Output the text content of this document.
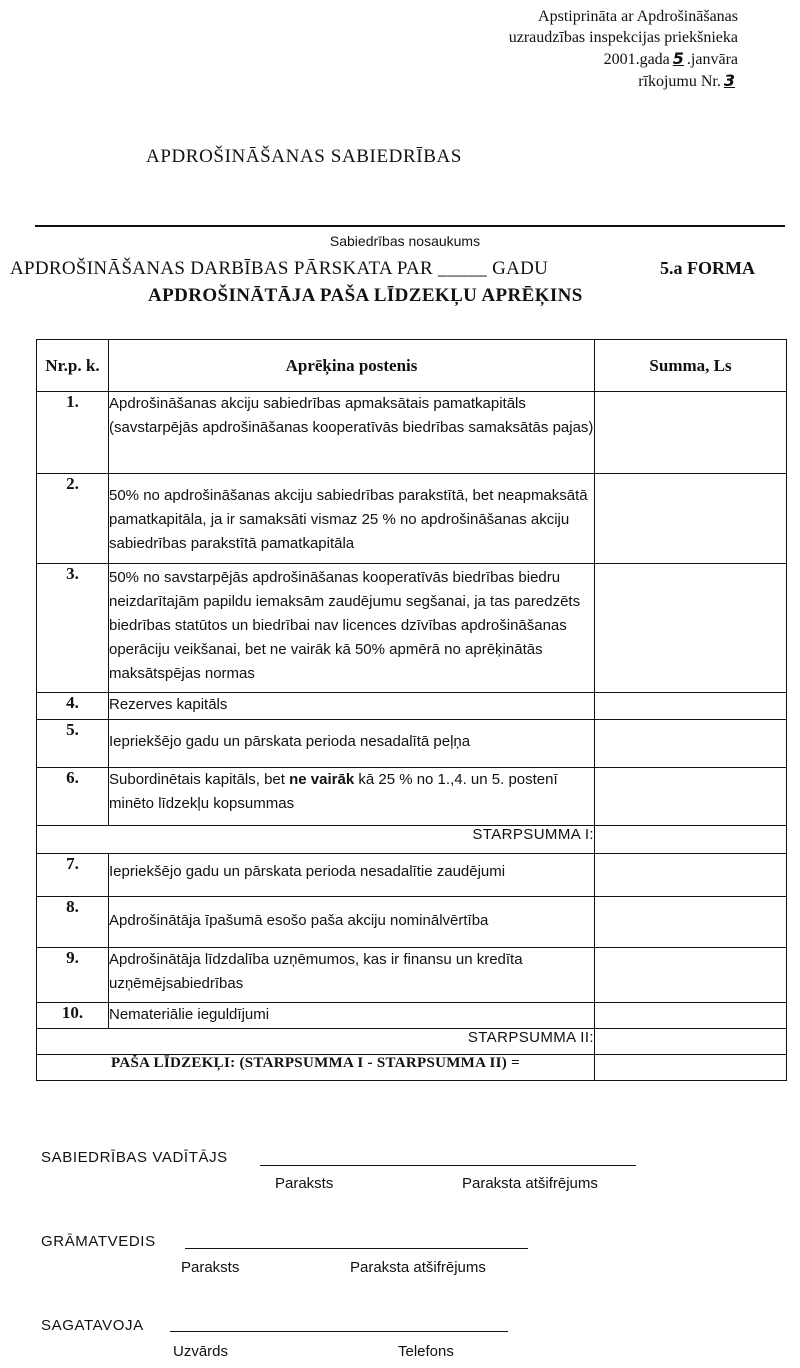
Apstiprināta ar Apdrošināšanas
uzraudzības inspekcijas priekšnieka
2001.gada 5 .janvāra
rīkojumu Nr. 3
APDROŠINĀŠANAS SABIEDRĪBAS
Sabiedrības nosaukums
APDROŠINĀŠANAS DARBĪBAS PĀRSKATA PAR _____ GADU	5.a FORMA
APDROŠINĀTĀJA PAŠA LĪDZEKĻU APRĒĶINS
Nr.p. k.	Aprēķina postenis	Summa, Ls
1.	Apdrošināšanas akciju sabiedrības apmaksātais pamatkapitāls (savstarpējās apdrošināšanas kooperatīvās biedrības samaksātās pajas)	
2.	50% no apdrošināšanas akciju sabiedrības parakstītā, bet neapmaksātā pamatkapitāla, ja ir samaksāti vismaz 25 % no apdrošināšanas akciju sabiedrības parakstītā pamatkapitāla	
3.	50% no savstarpējās apdrošināšanas kooperatīvās biedrības biedru neizdarītajām papildu iemaksām zaudējumu segšanai, ja tas paredzēts biedrības statūtos un biedrībai nav licences dzīvības apdrošināšanas operāciju veikšanai, bet ne vairāk kā 50% apmērā no aprēķinātās maksātspējas normas	
4.	Rezerves kapitāls	
5.	Iepriekšējo gadu un pārskata perioda nesadalītā peļņa	
6.	Subordinētais kapitāls, bet ne vairāk kā 25 % no 1.,4. un 5. postenī minēto līdzekļu kopsummas	
STARPSUMMA I:		
7.	Iepriekšējo gadu un pārskata perioda nesadalītie zaudējumi	
8.	Apdrošinātāja īpašumā esošo paša akciju nominālvērtība	
9.	Apdrošinātāja līdzdalība uzņēmumos, kas ir finansu un kredīta uzņēmējsabiedrības	
10.	Nemateriālie ieguldījumi	
STARPSUMMA II:		
PAŠA LĪDZEKĻI: (STARPSUMMA I - STARPSUMMA II) =		
SABIEDRĪBAS VADĪTĀJS
Paraksts	Paraksta atšifrējums
GRĀMATVEDIS
Paraksts	Paraksta atšifrējums
SAGATAVOJA
Uzvārds	Telefons
